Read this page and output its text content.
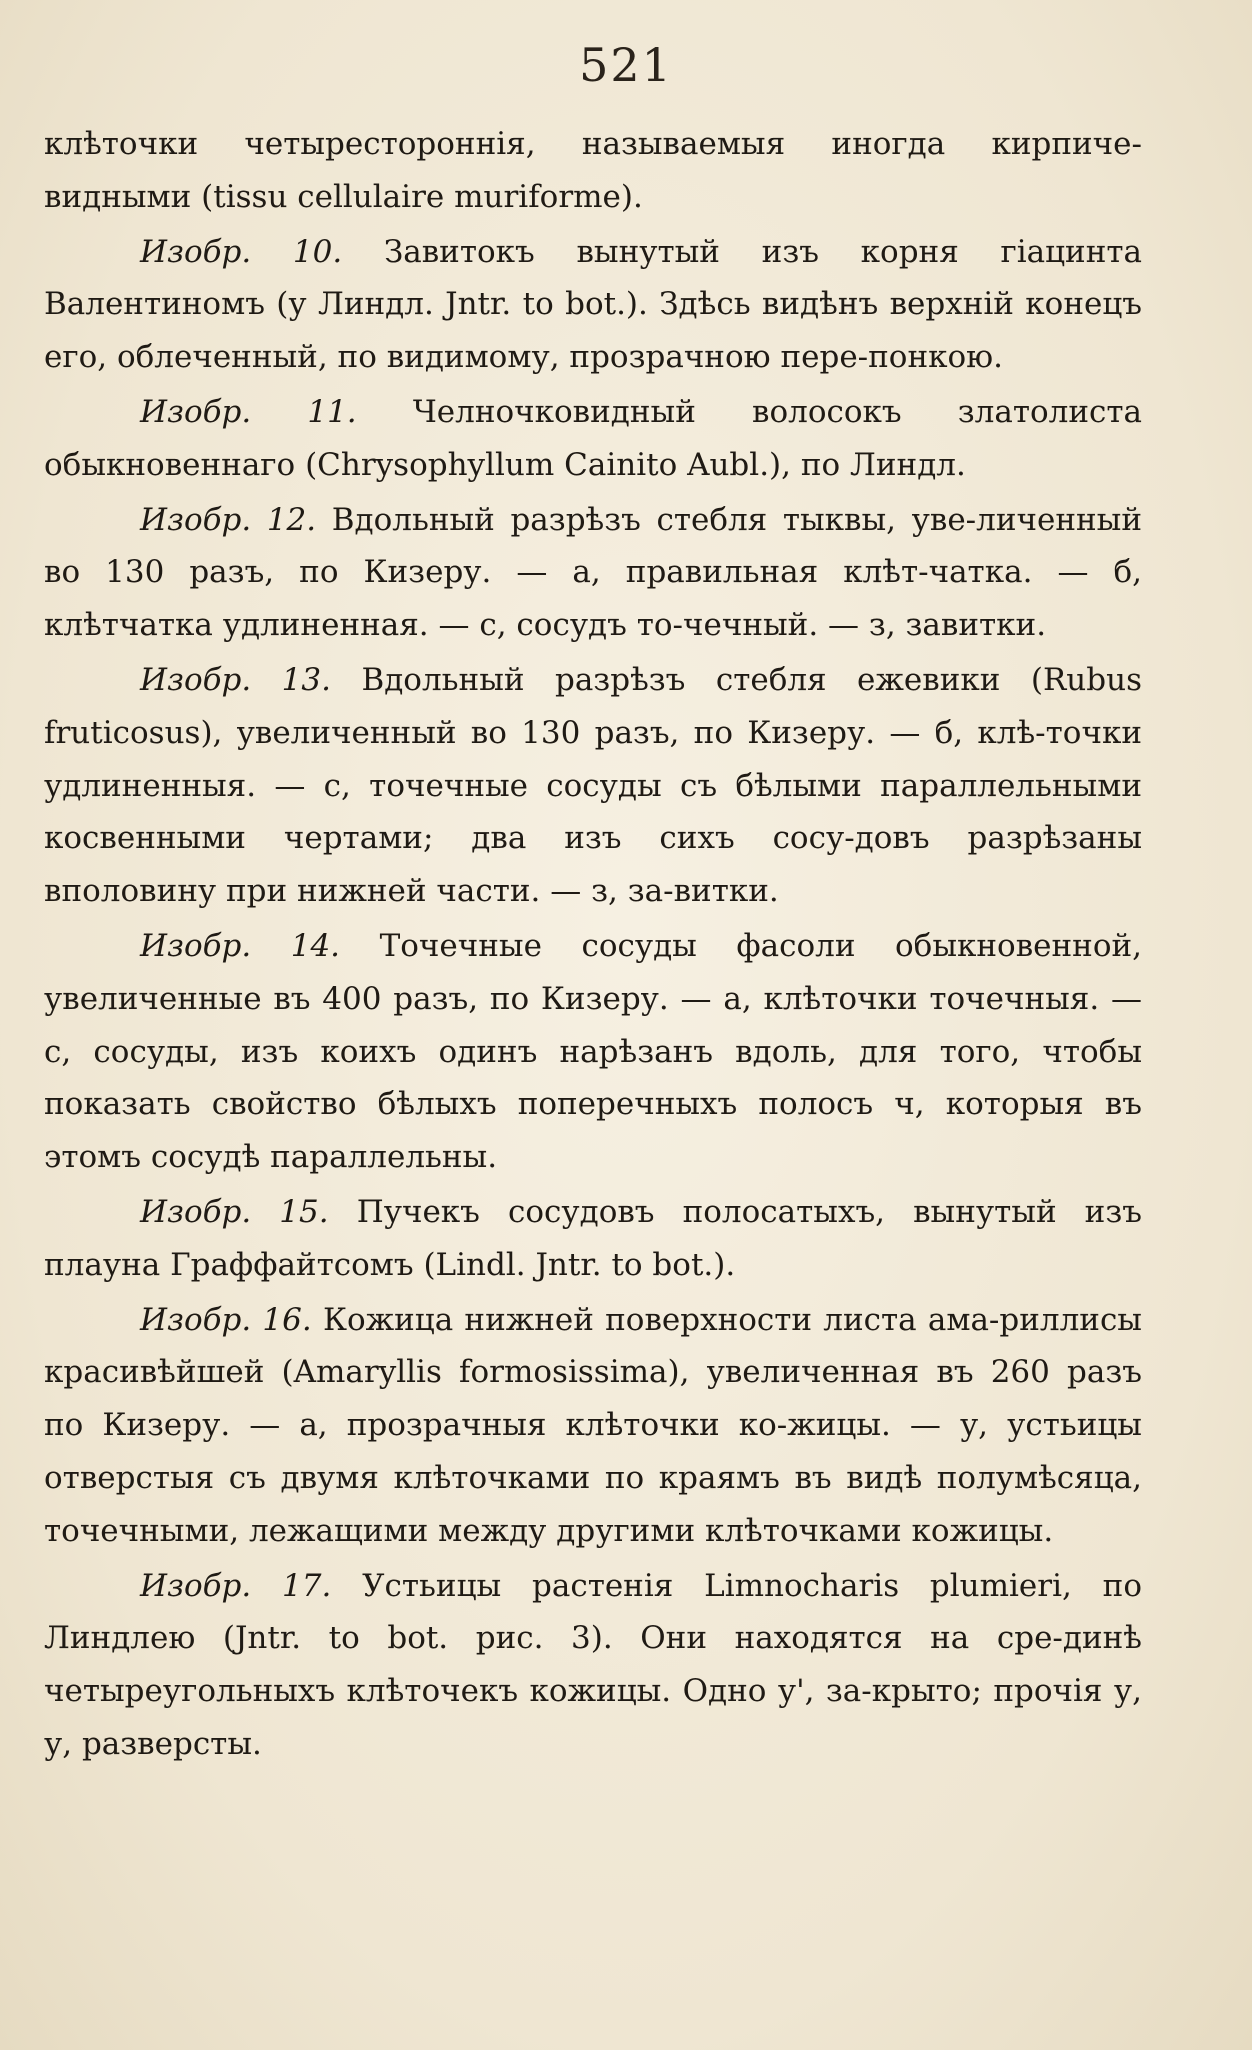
521

клѣточки четырестороннія, называемыя иногда кирпиче-видными (tissu cellulaire muriforme).

Изобр. 10. Завитокъ вынутый изъ корня гіацинта Валентиномъ (у Линдл. Jntr. to bot.). Здѣсь видѣнъ верхній конецъ его, облеченный, по видимому, прозрачною пере-понкою.

Изобр. 11. Челночковидный волосокъ златолиста обыкновеннаго (Chrysophyllum Cainito Aubl.), по Линдл.

Изобр. 12. Вдольный разрѣзъ стебля тыквы, уве-личенный во 130 разъ, по Кизеру. — а, правильная клѣт-чатка. — б, клѣтчатка удлиненная. — с, сосудъ то-чечный. — з, завитки.

Изобр. 13. Вдольный разрѣзъ стебля ежевики (Rubus fruticosus), увеличенный во 130 разъ, по Кизеру. — б, клѣ-точки удлиненныя. — с, точечные сосуды съ бѣлыми параллельными косвенными чертами; два изъ сихъ сосу-довъ разрѣзаны вполовину при нижней части. — з, за-витки.

Изобр. 14. Точечные сосуды фасоли обыкновенной, увеличенные въ 400 разъ, по Кизеру. — а, клѣточки точечныя. — с, сосуды, изъ коихъ одинъ нарѣзанъ вдоль, для того, чтобы показать свойство бѣлыхъ поперечныхъ полосъ ч, которыя въ этомъ сосудѣ параллельны.

Изобр. 15. Пучекъ сосудовъ полосатыхъ, вынутый изъ плауна Граффайтсомъ (Lindl. Jntr. to bot.).

Изобр. 16. Кожица нижней поверхности листа ама-риллисы красивѣйшей (Amaryllis formosissima), увеличенная въ 260 разъ по Кизеру. — а, прозрачныя клѣточки ко-жицы. — у, устьицы отверстыя съ двумя клѣточками по краямъ въ видѣ полумѣсяца, точечными, лежащими между другими клѣточками кожицы.

Изобр. 17. Устьицы растенія Limnocharis plumieri, по Линдлею (Jntr. to bot. рис. 3). Они находятся на сре-динѣ четыреугольныхъ клѣточекъ кожицы. Одно у', за-крыто; прочія у, у, разверсты.
